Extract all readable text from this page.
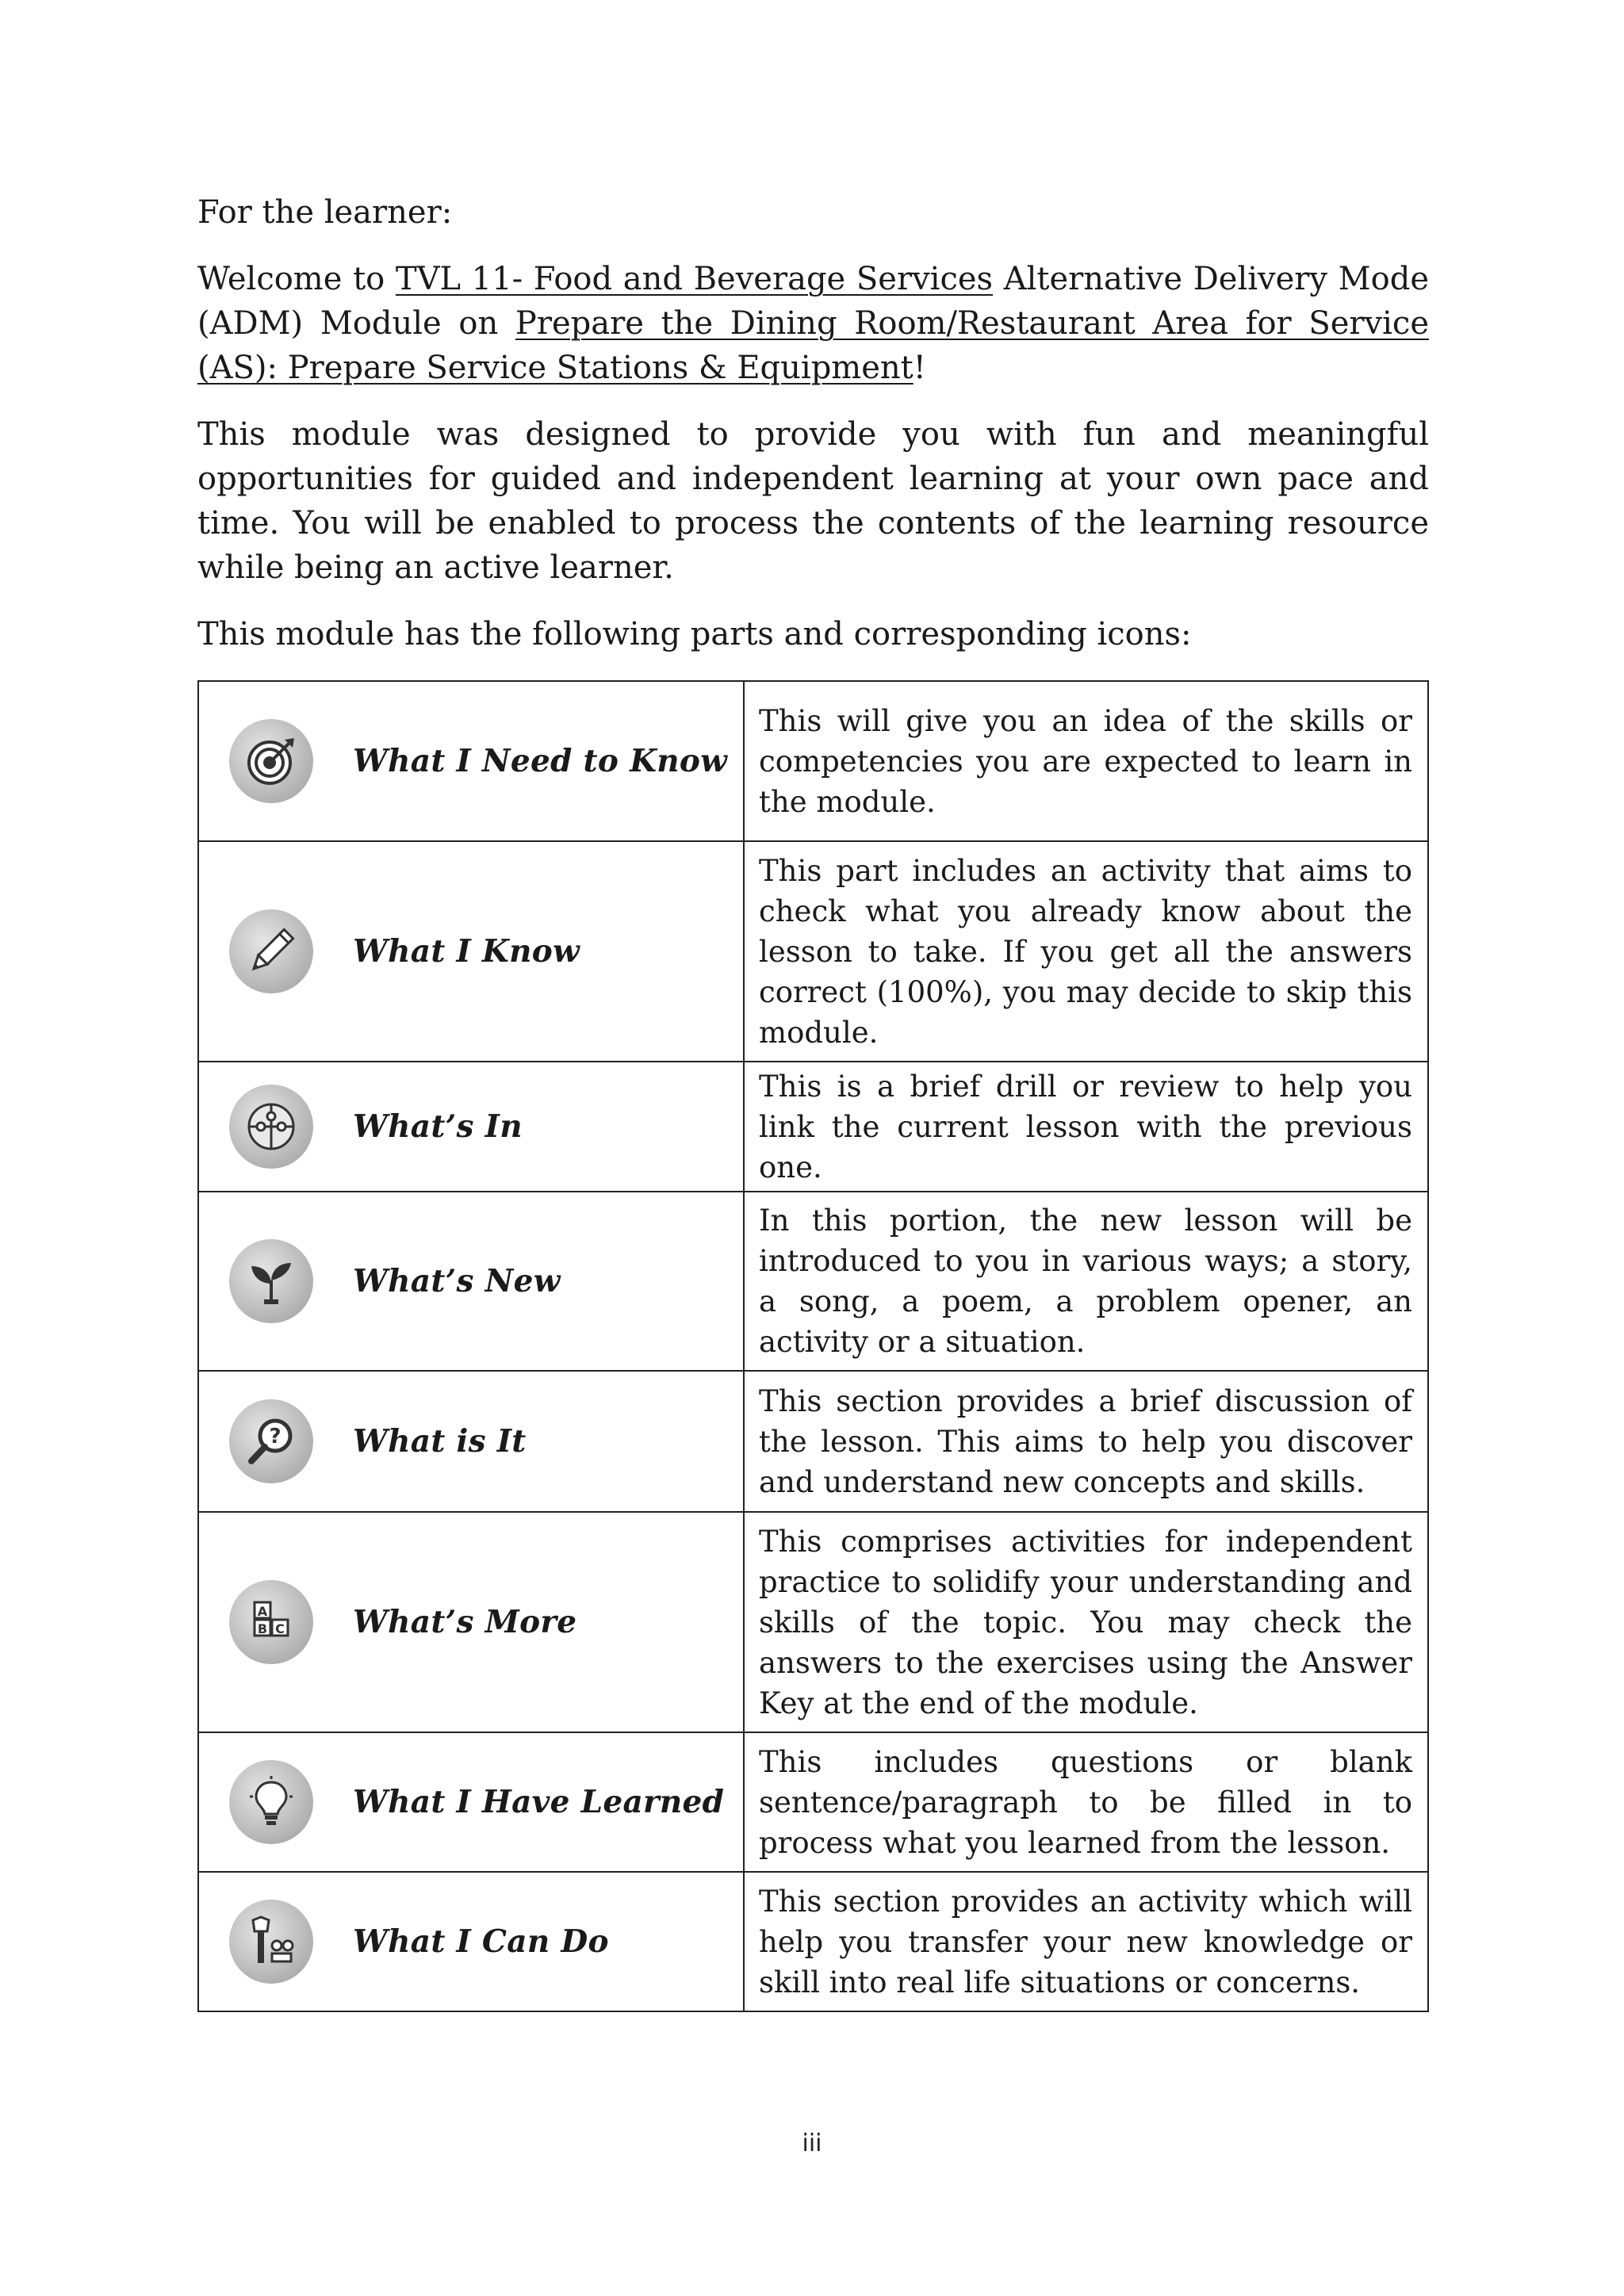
For the learner:

Welcome to TVL 11- Food and Beverage Services Alternative Delivery Mode (ADM) Module on Prepare the Dining Room/Restaurant Area for Service (AS): Prepare Service Stations & Equipment!

This module was designed to provide you with fun and meaningful opportunities for guided and independent learning at your own pace and time. You will be enabled to process the contents of the learning resource while being an active learner.

This module has the following parts and corresponding icons:

What I Need to Know	This will give you an idea of the skills or competencies you are expected to learn in the module.

What I Know	This part includes an activity that aims to check what you already know about the lesson to take. If you get all the answers correct (100%), you may decide to skip this module.

What’s In	This is a brief drill or review to help you link the current lesson with the previous one.

What’s New	In this portion, the new lesson will be introduced to you in various ways; a story, a song, a poem, a problem opener, an activity or a situation.

? What is It	This section provides a brief discussion of the lesson. This aims to help you discover and understand new concepts and skills.

A
B C What’s More	This comprises activities for independent practice to solidify your understanding and skills of the topic. You may check the answers to the exercises using the Answer Key at the end of the module.

What I Have Learned	This includes questions or blank sentence/paragraph to be filled in to process what you learned from the lesson.

What I Can Do	This section provides an activity which will help you transfer your new knowledge or skill into real life situations or concerns.
iii
